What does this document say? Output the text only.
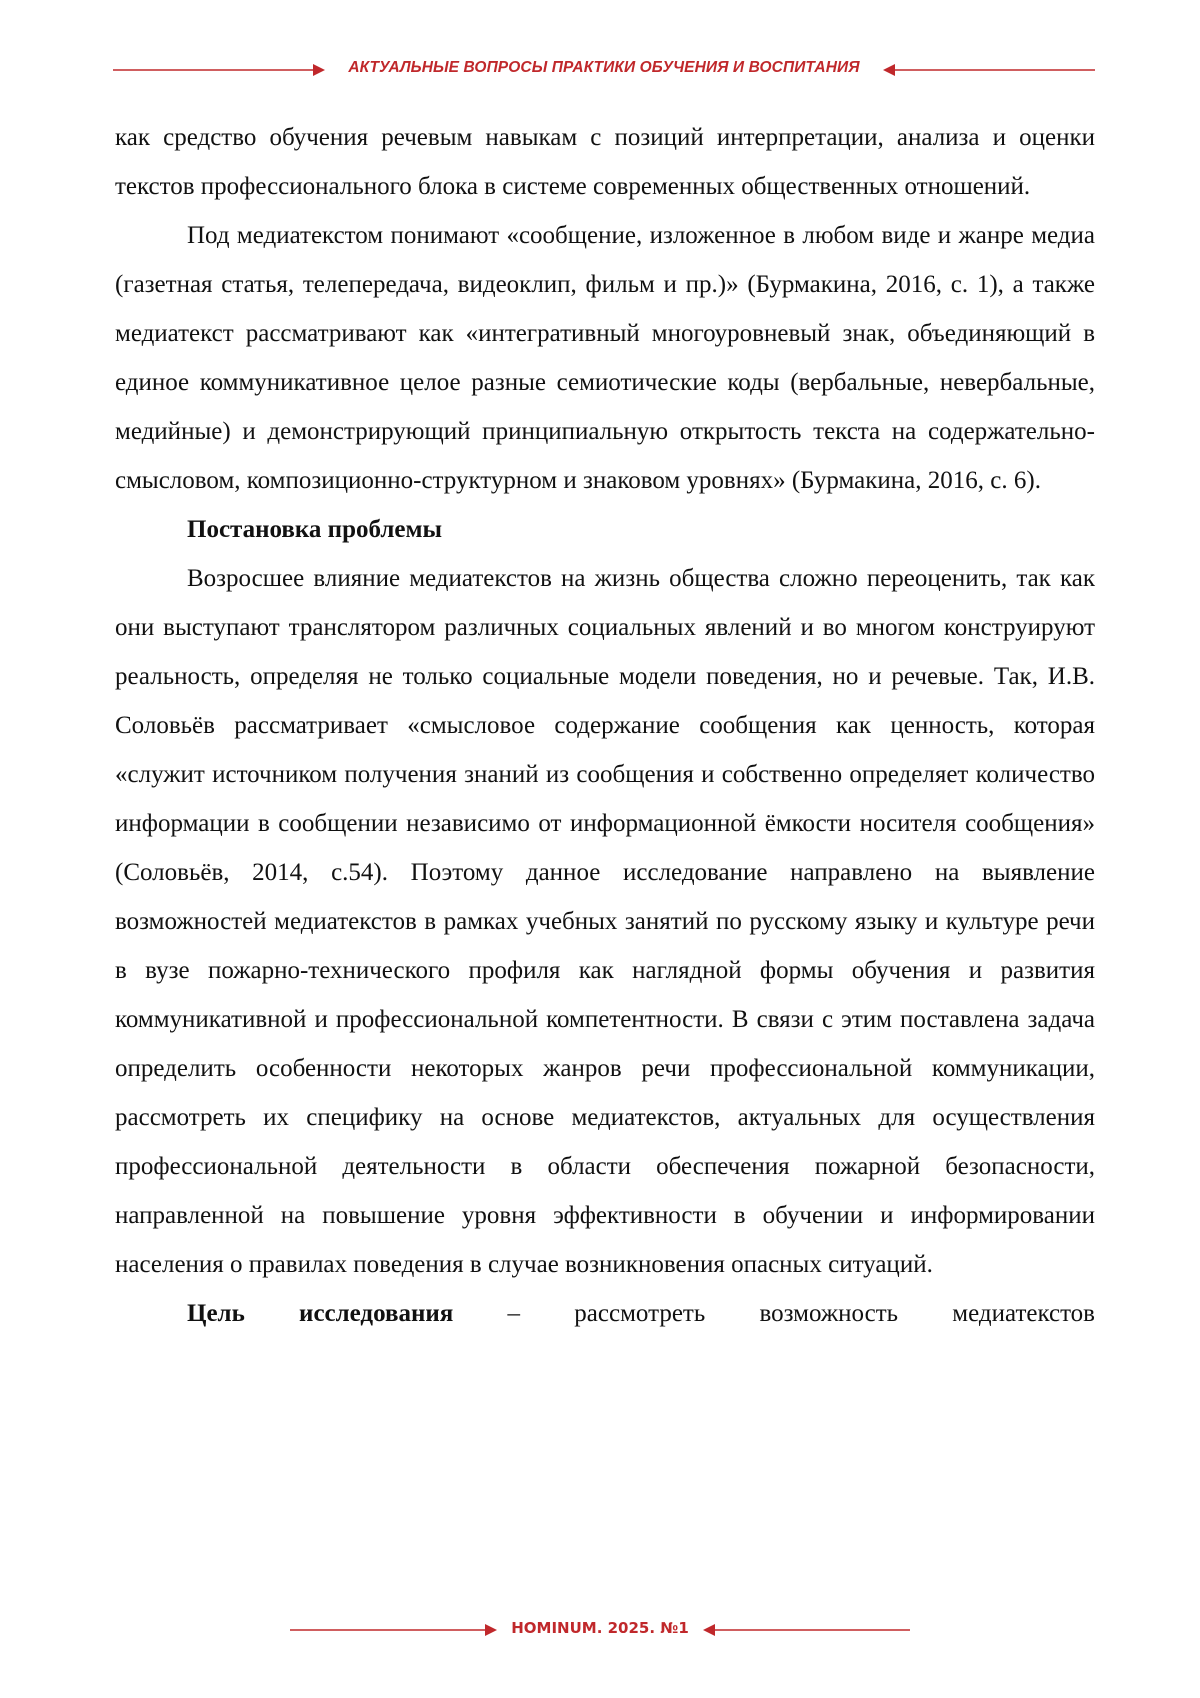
АКТУАЛЬНЫЕ ВОПРОСЫ ПРАКТИКИ ОБУЧЕНИЯ И ВОСПИТАНИЯ

как средство обучения речевым навыкам с позиций интерпретации, анализа и оценки текстов профессионального блока в системе современных общественных отношений.

Под медиатекстом понимают «сообщение, изложенное в любом виде и жанре медиа (газетная статья, телепередача, видеоклип, фильм и пр.)» (Бурмакина, 2016, с. 1), а также медиатекст рассматривают как «интегративный многоуровневый знак, объединяющий в единое коммуникативное целое разные семиотические коды (вербальные, невербальные, медийные) и демонстрирующий принципиальную открытость текста на содержательно-смысловом, композиционно-структурном и знаковом уровнях» (Бурмакина, 2016, с. 6).

Постановка проблемы

Возросшее влияние медиатекстов на жизнь общества сложно переоценить, так как они выступают транслятором различных социальных явлений и во многом конструируют реальность, определяя не только социальные модели поведения, но и речевые. Так, И.В. Соловьёв рассматривает «смысловое содержание сообщения как ценность, которая «служит источником получения знаний из сообщения и собственно определяет количество информации в сообщении независимо от информационной ёмкости носителя сообщения» (Соловьёв, 2014, с.54). Поэтому данное исследование направлено на выявление возможностей медиатекстов в рамках учебных занятий по русскому языку и культуре речи в вузе пожарно-технического профиля как наглядной формы обучения и развития коммуникативной и профессиональной компетентности. В связи с этим поставлена задача определить особенности некоторых жанров речи профессиональной коммуникации, рассмотреть их специфику на основе медиатекстов, актуальных для осуществления профессиональной деятельности в области обеспечения пожарной безопасности, направленной на повышение уровня эффективности в обучении и информировании населения о правилах поведения в случае возникновения опасных ситуаций.

Цель исследования – рассмотреть возможность медиатекстов

HOMINUM. 2025. №1
